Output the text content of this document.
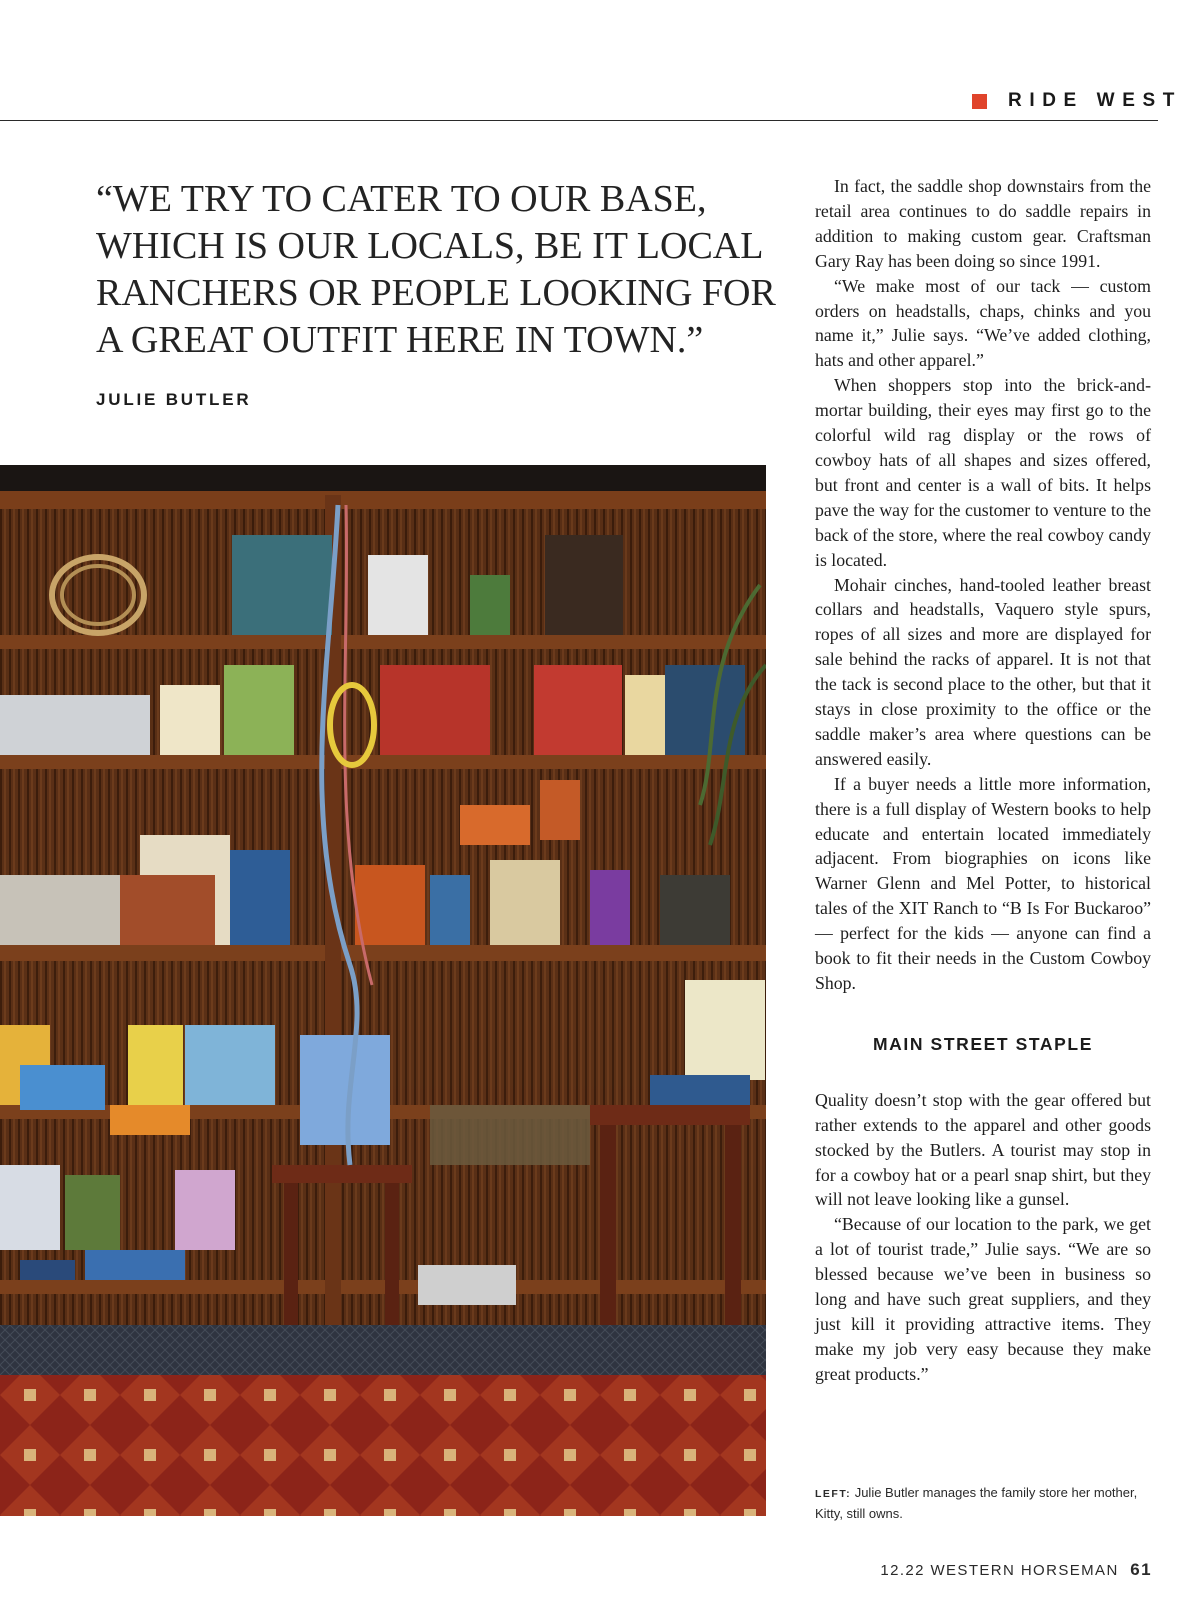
RIDE WEST
“WE TRY TO CATER TO OUR BASE, WHICH IS OUR LOCALS, BE IT LOCAL RANCHERS OR PEOPLE LOOKING FOR A GREAT OUTFIT HERE IN TOWN.”
JULIE BUTLER

In fact, the saddle shop downstairs from the retail area continues to do saddle repairs in addition to making custom gear. Craftsman Gary Ray has been doing so since 1991.

“We make most of our tack — custom orders on headstalls, chaps, chinks and you name it,” Julie says. “We’ve added clothing, hats and other apparel.”

When shoppers stop into the brick-and-mortar building, their eyes may first go to the colorful wild rag display or the rows of cowboy hats of all shapes and sizes offered, but front and center is a wall of bits. It helps pave the way for the customer to venture to the back of the store, where the real cowboy candy is located.

Mohair cinches, hand-tooled leather breast collars and headstalls, Vaquero style spurs, ropes of all sizes and more are displayed for sale behind the racks of apparel. It is not that the tack is second place to the other, but that it stays in close proximity to the office or the saddle maker’s area where questions can be answered easily.

If a buyer needs a little more information, there is a full display of Western books to help educate and entertain located immediately adjacent. From biographies on icons like Warner Glenn and Mel Potter, to historical tales of the XIT Ranch to “B Is For Buckaroo” — perfect for the kids — anyone can find a book to fit their needs in the Custom Cowboy Shop.

MAIN STREET STAPLE

Quality doesn’t stop with the gear offered but rather extends to the apparel and other goods stocked by the Butlers. A tourist may stop in for a cowboy hat or a pearl snap shirt, but they will not leave looking like a gunsel.

“Because of our location to the park, we get a lot of tourist trade,” Julie says. “We are so blessed because we’ve been in business so long and have such great suppliers, and they just kill it providing attractive items. They make my job very easy because they make great products.”

LEFT: Julie Butler manages the family store her mother, Kitty, still owns.
12.22 WESTERN HORSEMAN 61
